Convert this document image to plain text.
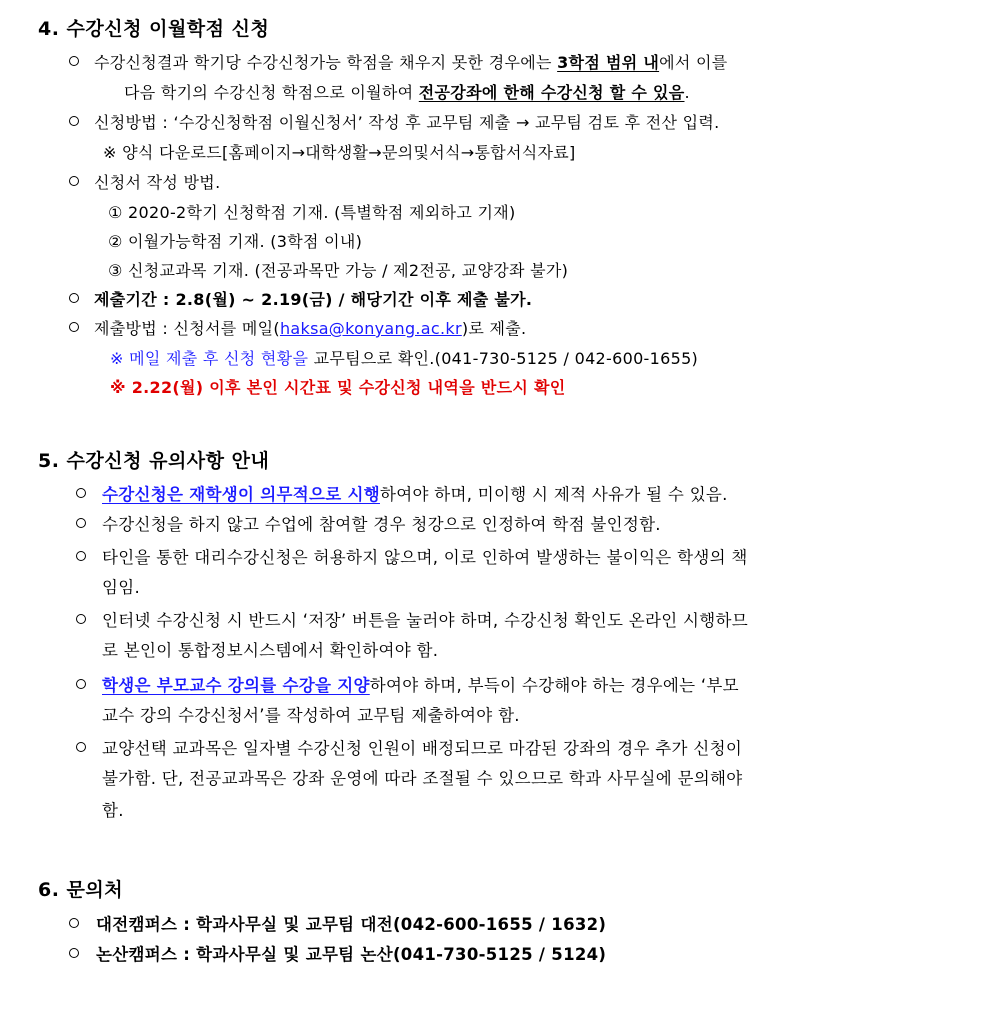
4. 수강신청 이월학점 신청
수강신청결과 학기당 수강신청가능 학점을 채우지 못한 경우에는 3학점 범위 내에서 이를
다음 학기의 수강신청 학점으로 이월하여 전공강좌에 한해 수강신청 할 수 있음.
신청방법 : ‘수강신청학점 이월신청서’ 작성 후 교무팀 제출 → 교무팀 검토 후 전산 입력.
※ 양식 다운로드[홈페이지→대학생활→문의및서식→통합서식자료]
신청서 작성 방법.
① 2020-2학기 신청학점 기재. (특별학점 제외하고 기재)
② 이월가능학점 기재. (3학점 이내)
③ 신청교과목 기재. (전공과목만 가능 / 제2전공, 교양강좌 불가)
제출기간 : 2.8(월) ~ 2.19(금) / 해당기간 이후 제출 불가.
제출방법 : 신청서를 메일(haksa@konyang.ac.kr)로 제출.
※ 메일 제출 후 신청 현황을 교무팀으로 확인.(041-730-5125 / 042-600-1655)
※ 2.22(월) 이후 본인 시간표 및 수강신청 내역을 반드시 확인
5. 수강신청 유의사항 안내
수강신청은 재학생이 의무적으로 시행하여야 하며, 미이행 시 제적 사유가 될 수 있음.
수강신청을 하지 않고 수업에 참여할 경우 청강으로 인정하여 학점 불인정함.
타인을 통한 대리수강신청은 허용하지 않으며, 이로 인하여 발생하는 불이익은 학생의 책
임임.
인터넷 수강신청 시 반드시 ‘저장’ 버튼을 눌러야 하며, 수강신청 확인도 온라인 시행하므
로 본인이 통합정보시스템에서 확인하여야 함.
학생은 부모교수 강의를 수강을 지양하여야 하며, 부득이 수강해야 하는 경우에는 ‘부모
교수 강의 수강신청서’를 작성하여 교무팀 제출하여야 함.
교양선택 교과목은 일자별 수강신청 인원이 배정되므로 마감된 강좌의 경우 추가 신청이
불가함. 단, 전공교과목은 강좌 운영에 따라 조절될 수 있으므로 학과 사무실에 문의해야
함.
6. 문의처
대전캠퍼스 : 학과사무실 및 교무팀 대전(042-600-1655 / 1632)
논산캠퍼스 : 학과사무실 및 교무팀 논산(041-730-5125 / 5124)
